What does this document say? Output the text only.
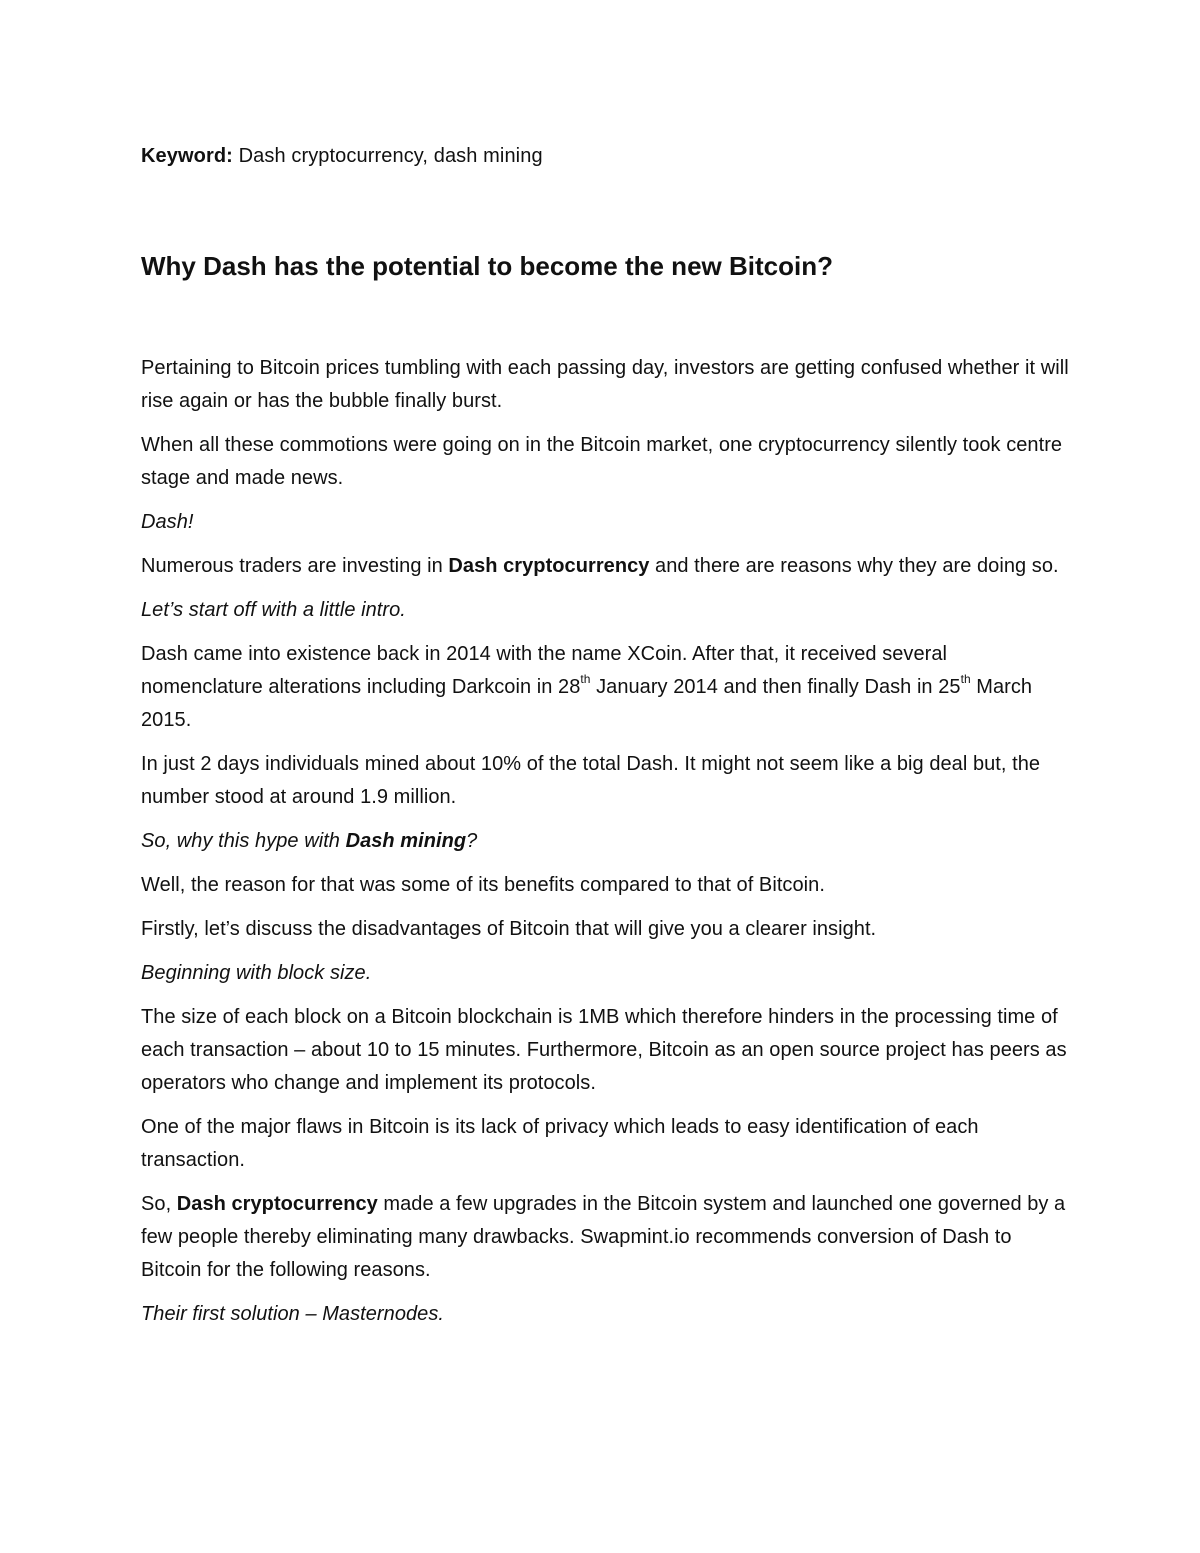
Keyword: Dash cryptocurrency, dash mining

Why Dash has the potential to become the new Bitcoin?

Pertaining to Bitcoin prices tumbling with each passing day, investors are getting confused whether it will rise again or has the bubble finally burst.

When all these commotions were going on in the Bitcoin market, one cryptocurrency silently took centre stage and made news.

Dash!

Numerous traders are investing in Dash cryptocurrency and there are reasons why they are doing so.

Let’s start off with a little intro.

Dash came into existence back in 2014 with the name XCoin. After that, it received several nomenclature alterations including Darkcoin in 28th January 2014 and then finally Dash in 25th March 2015.

In just 2 days individuals mined about 10% of the total Dash. It might not seem like a big deal but, the number stood at around 1.9 million.

So, why this hype with Dash mining?

Well, the reason for that was some of its benefits compared to that of Bitcoin.

Firstly, let’s discuss the disadvantages of Bitcoin that will give you a clearer insight.

Beginning with block size.

The size of each block on a Bitcoin blockchain is 1MB which therefore hinders in the processing time of each transaction – about 10 to 15 minutes. Furthermore, Bitcoin as an open source project has peers as operators who change and implement its protocols.

One of the major flaws in Bitcoin is its lack of privacy which leads to easy identification of each transaction.

So, Dash cryptocurrency made a few upgrades in the Bitcoin system and launched one governed by a few people thereby eliminating many drawbacks. Swapmint.io recommends conversion of Dash to Bitcoin for the following reasons.

Their first solution – Masternodes.
